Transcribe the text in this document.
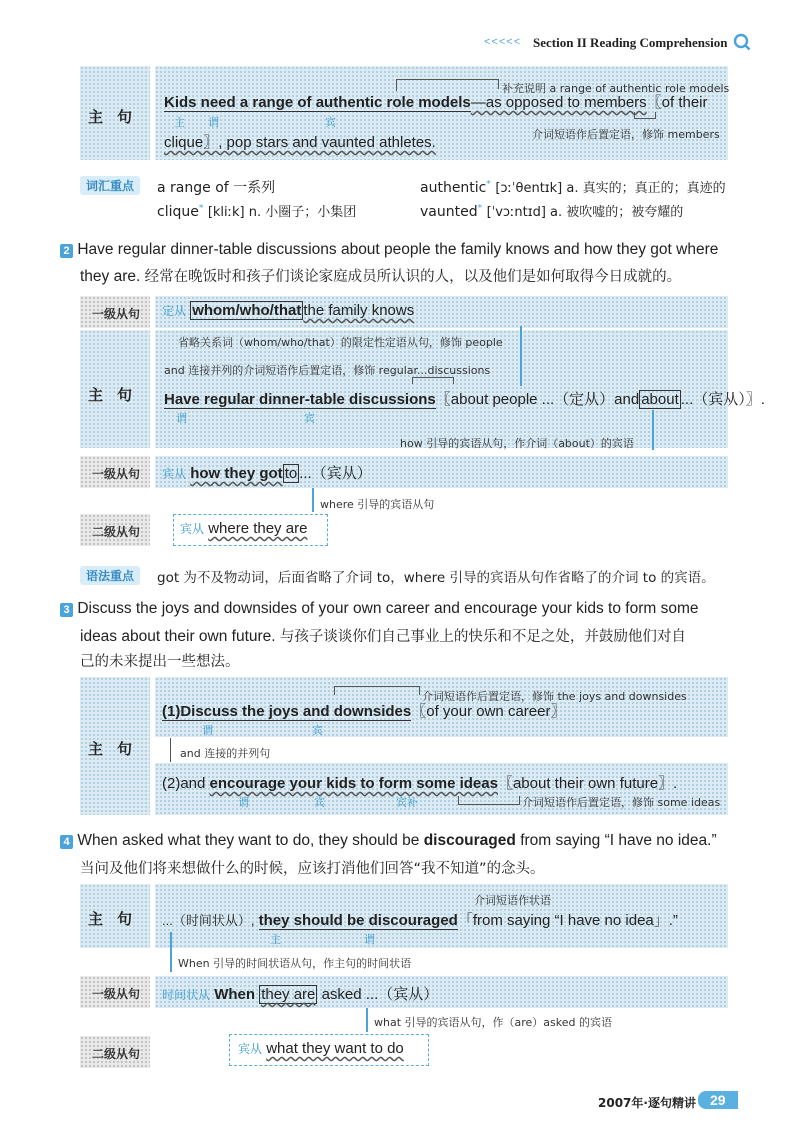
<<<<< Section II Reading Comprehension
主句
补充说明 a range of authentic role models
Kids need a range of authentic role models—as opposed to members〖of their
主 谓	宾
介词短语作后置定语，修饰 members
clique〗, pop stars and vaunted athletes.
词汇重点	a range of 一系列	authentic* [ɔːˈθentɪk] a. 真实的；真正的；真迹的
clique* [kliːk] n. 小圈子；小集团	vaunted* [ˈvɔːntɪd] a. 被吹嘘的；被夸耀的
2 Have regular dinner-table discussions about people the family knows and how they got where
they are. 经常在晚饭时和孩子们谈论家庭成员所认识的人，以及他们是如何取得今日成就的。
一级从句	定从 whom/who/that the family knows
主句
省略关系词（whom/who/that）的限定性定语从句，修饰 people
and 连接并列的介词短语作后置定语，修饰 regular...discussions
Have regular dinner-table discussions〖about people ...（定从）and about ...（宾从）〗.
谓	宾
how 引导的宾语从句，作介词（about）的宾语
一级从句	宾从 how they got to ...（宾从）
where 引导的宾语从句
二级从句	宾从 where they are
语法重点	got 为不及物动词，后面省略了介词 to，where 引导的宾语从句作省略了的介词 to 的宾语。
3 Discuss the joys and downsides of your own career and encourage your kids to form some
ideas about their own future. 与孩子谈谈你们自己事业上的快乐和不足之处，并鼓励他们对自
己的未来提出一些想法。
主句
介词短语作后置定语，修饰 the joys and downsides
(1)Discuss the joys and downsides〖of your own career〗
谓	宾
and 连接的并列句
(2)and encourage your kids to form some ideas〖about their own future〗.
谓	宾	宾补	介词短语作后置定语，修饰 some ideas
4 When asked what they want to do, they should be discouraged from saying “I have no idea.”
当问及他们将来想做什么的时候，应该打消他们回答“我不知道”的念头。
主句
介词短语作状语
...（时间状从）, they should be discouraged「from saying “I have no idea」.”
主	谓
When 引导的时间状语从句，作主句的时间状语
一级从句	时间状从 When they are asked ...（宾从）
what 引导的宾语从句，作（are）asked 的宾语
二级从句	宾从 what they want to do
2007年·逐句精讲	29
